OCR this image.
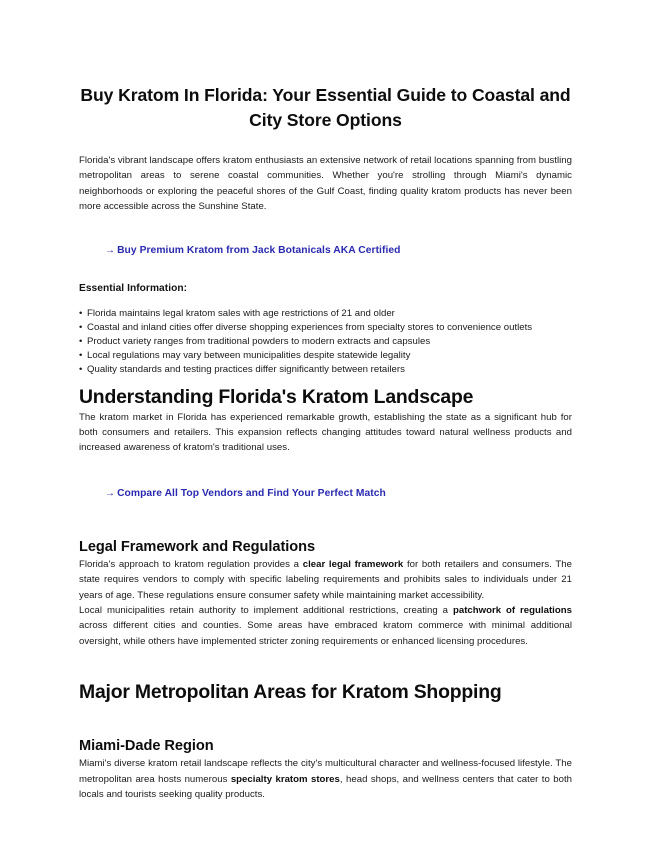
Buy Kratom In Florida: Your Essential Guide to Coastal and City Store Options

Florida's vibrant landscape offers kratom enthusiasts an extensive network of retail locations spanning from bustling metropolitan areas to serene coastal communities. Whether you're strolling through Miami's dynamic neighborhoods or exploring the peaceful shores of the Gulf Coast, finding quality kratom products has never been more accessible across the Sunshine State.

→ Buy Premium Kratom from Jack Botanicals AKA Certified
Essential Information:
• Florida maintains legal kratom sales with age restrictions of 21 and older
• Coastal and inland cities offer diverse shopping experiences from specialty stores to convenience outlets
• Product variety ranges from traditional powders to modern extracts and capsules
• Local regulations may vary between municipalities despite statewide legality
• Quality standards and testing practices differ significantly between retailers
Understanding Florida's Kratom Landscape

The kratom market in Florida has experienced remarkable growth, establishing the state as a significant hub for both consumers and retailers. This expansion reflects changing attitudes toward natural wellness products and increased awareness of kratom's traditional uses.

→ Compare All Top Vendors and Find Your Perfect Match
Legal Framework and Regulations

Florida's approach to kratom regulation provides a clear legal framework for both retailers and consumers. The state requires vendors to comply with specific labeling requirements and prohibits sales to individuals under 21 years of age. These regulations ensure consumer safety while maintaining market accessibility.

Local municipalities retain authority to implement additional restrictions, creating a patchwork of regulations across different cities and counties. Some areas have embraced kratom commerce with minimal additional oversight, while others have implemented stricter zoning requirements or enhanced licensing procedures.

Major Metropolitan Areas for Kratom Shopping
Miami-Dade Region

Miami's diverse kratom retail landscape reflects the city's multicultural character and wellness-focused lifestyle. The metropolitan area hosts numerous specialty kratom stores, head shops, and wellness centers that cater to both locals and tourists seeking quality products.
